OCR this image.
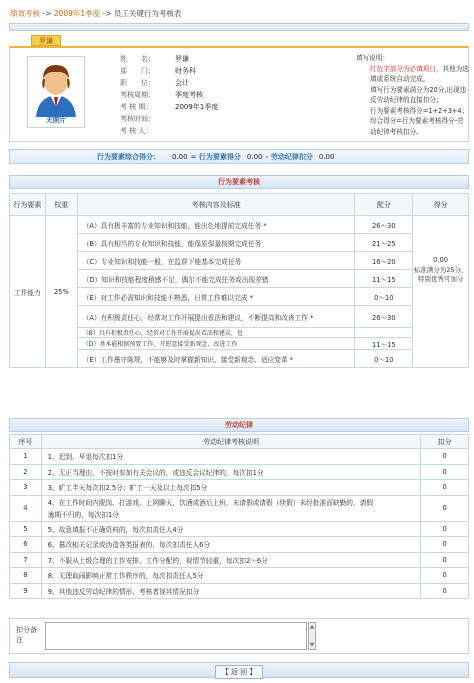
绩效考核 -> 2009年1季度 -> 员工关键行为考核表
罗谦
无照片
姓　　名：	罗谦
部　　门：	财务科
职　　位：	会计
考核周期：	季度考核
考 核 期：	2009年1季度
考核时间：
考 核 人：
填写说明：
红色字部分为必填项目，其他为选填或系统自动完成。
填写行为要素满分为20分,出现违反劳动纪律的直接扣分；
行为要素考核得分=1+2+3+4；综合得分=行为要素考核得分-劳动纪律考核扣分。
行为要素综合得分： 0.00 = 行为要素得分 0.00 - 劳动纪律扣分 0.00
行为要素考核
行为要素	权重	考核内容及标准	配分	得分
工作能力	25%	（A）具有极丰富的专业知识和技能，能出色地提前完成任务 *	26～30	0.00
标准满分为25分，特别优秀可加分

		（B）具有相当的专业知识和技能，能保质保量按期完成任务	21～25	
		（C）专业知识和技能一般，在监督下能基本完成任务	16～20	
		（D）知识和技能程度稍感不足，偶尔不能完成任务或出现差错	11～15	
		（E）对工作必需知识和技能不熟悉，日常工作难以完成 *	0～10	
		（A）有积极责任心，经常对工作开展提出看法和建议，不断提高和改善工作 *	26～30	
		（B）具有积极责任心，经常对工作开展提出看法和建议，也		
		（D）基本能根据预要工作，升愿意接受新观念，改进工作	11～15	
		（E）工作墨守陈规，不能够及时掌握新知识、接受新观念、适应变革 *	0～10	
劳动纪律
序号	劳动纪律考核说明	扣分
1	1、迟到、早退每次扣1分	0
2	2、无正当理由，不按时参加有关会议的，或违反会议纪律的，每次扣1分	0
3	3、旷工半天每次扣2.5分；旷工一天及以上每次扣5分	0
4	4、在工作时间内脱岗、打游戏、上网聊天、饮酒或酒后上班，未请假或请假（续假）未经批准而缺勤的，请假	0
	逾期不归的，每次扣1分	
5	5、故意填报不正确资料的，每次扣责任人4分	0
6	6、篡改相关记录或伪造各类报表的，每次扣责任人6分	0
7	7、不服从上级合理的工作安排、工作分配的，视情节轻重，每次扣2～6分	0
8	8、无理取闹影响正常工作秩序的，每次扣责任人5分	0
9	9、其他违反劳动纪律的情形，考核者视其情况扣分	0
扣分备注
▲

▼
【 返 回 】
